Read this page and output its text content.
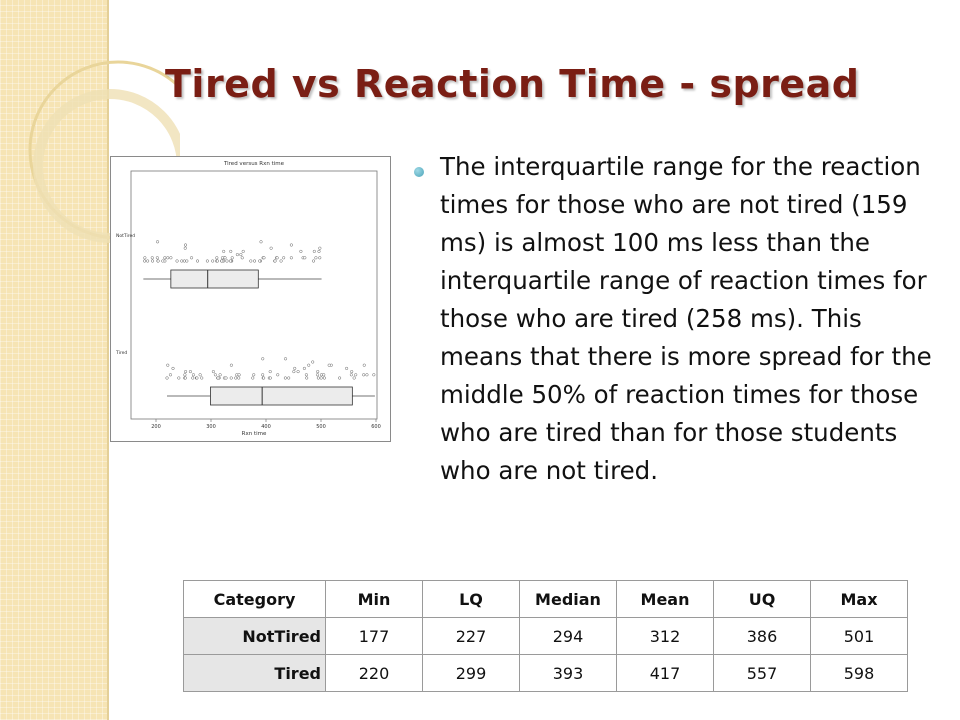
Tired vs Reaction Time - spread
Tired versus Rxn time
Rxn time
200	300	400	500	600
NotTired
Tired

The interquartile range for the reaction times for those who are not tired (159 ms) is almost 100 ms less than the interquartile range of reaction times for those who are tired (258 ms). This means that there is more spread for the middle 50% of reaction times for those who are tired than for those students who are not tired.

Category	Min	LQ	Median	Mean	UQ	Max
NotTired	177	227	294	312	386	501
Tired	220	299	393	417	557	598
